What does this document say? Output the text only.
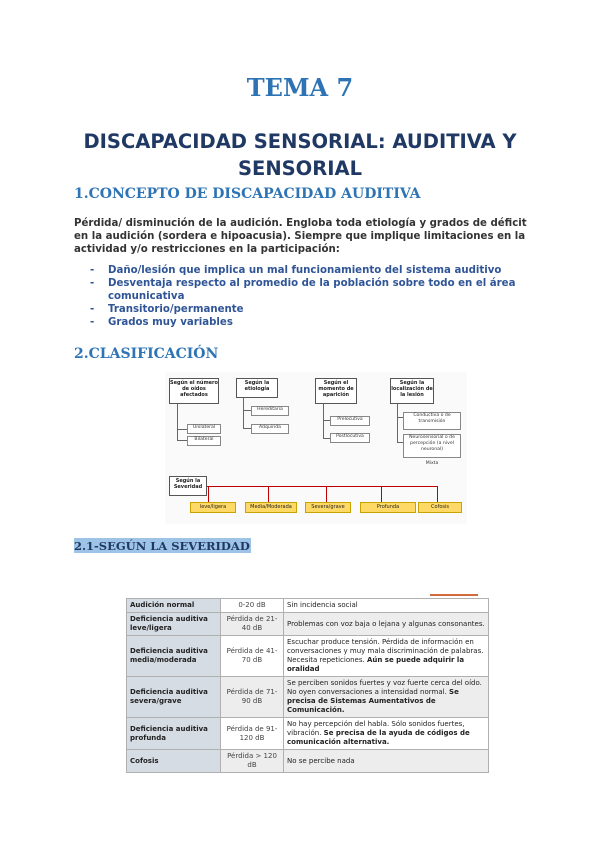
TEMA 7
DISCAPACIDAD SENSORIAL: AUDITIVA Y
SENSORIAL
1.CONCEPTO DE DISCAPACIDAD AUDITIVA
Pérdida/ disminución de la audición. Engloba toda etiología y grados de déficit en la audición (sordera e hipoacusia). Siempre que implique limitaciones en la actividad y/o restricciones en la participación:
- Daño/lesión que implica un mal funcionamiento del sistema auditivo
- Desventaja respecto al promedio de la población sobre todo en el área comunicativa
- Transitorio/permanente
- Grados muy variables
2.CLASIFICACIÓN
Según el número de oídos afectados
Según la etiología
Según el momento de aparición
Según la localización de la lesión
Unilateral
Bilateral
Hereditaria
Adquirida
Prelocutiva
Postlocutiva
Conductiva o de transmisión
Neurosensorial o de percepción (a nivel neuronal)
Mixta
Según la Severidad
leve/ligera	Media/Moderada	Severa/grave	Profunda	Cofosis
2.1-SEGÚN LA SEVERIDAD
Audición normal	0-20 dB	Sin incidencia social
Deficiencia auditiva leve/ligera	Pérdida de 21-40 dB	Problemas con voz baja o lejana y algunas consonantes.
Deficiencia auditiva media/moderada	Pérdida de 41-70 dB	Escuchar produce tensión. Pérdida de información en conversaciones y muy mala discriminación de palabras. Necesita repeticiones. Aún se puede adquirir la oralidad
Deficiencia auditiva severa/grave	Pérdida de 71-90 dB	Se perciben sonidos fuertes y voz fuerte cerca del oído. No oyen conversaciones a intensidad normal. Se precisa de Sistemas Aumentativos de Comunicación.
Deficiencia auditiva profunda	Pérdida de 91-120 dB	No hay percepción del habla. Sólo sonidos fuertes, vibración. Se precisa de la ayuda de códigos de comunicación alternativa.
Cofosis	Pérdida > 120 dB	No se percibe nada
